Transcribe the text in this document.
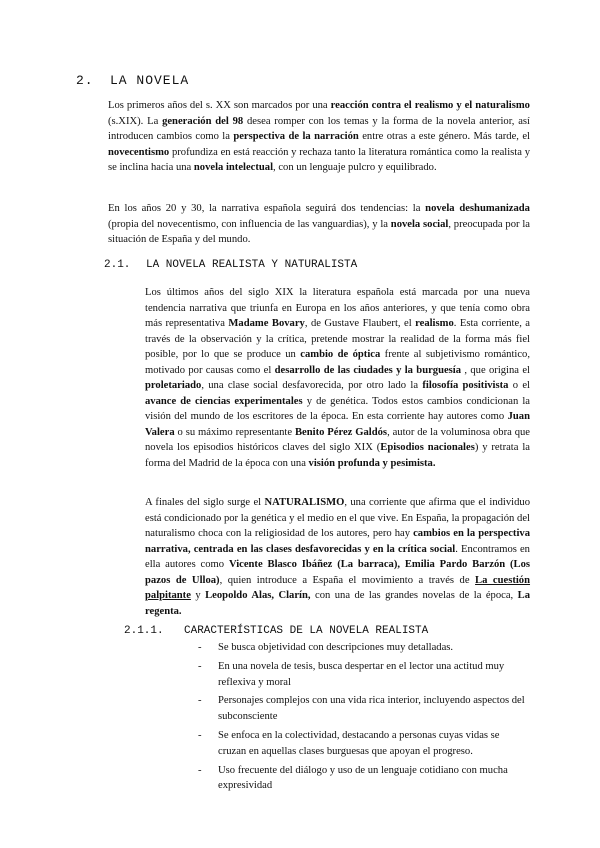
2. LA NOVELA

Los primeros años del s. XX son marcados por una reacción contra el realismo y el naturalismo (s.XIX). La generación del 98 desea romper con los temas y la forma de la novela anterior, así introducen cambios como la perspectiva de la narración entre otras a este género. Más tarde, el novecentismo profundiza en está reacción y rechaza tanto la literatura romántica como la realista y se inclina hacia una novela intelectual, con un lenguaje pulcro y equilibrado.

En los años 20 y 30, la narrativa española seguirá dos tendencias: la novela deshumanizada (propia del novecentismo, con influencia de las vanguardias), y la novela social, preocupada por la situación de España y del mundo.

2.1. LA NOVELA REALISTA Y NATURALISTA

Los últimos años del siglo XIX la literatura española está marcada por una nueva tendencia narrativa que triunfa en Europa en los años anteriores, y que tenía como obra más representativa Madame Bovary, de Gustave Flaubert, el realismo. Esta corriente, a través de la observación y la crítica, pretende mostrar la realidad de la forma más fiel posible, por lo que se produce un cambio de óptica frente al subjetivismo romántico, motivado por causas como el desarrollo de las ciudades y la burguesía , que origina el proletariado, una clase social desfavorecida, por otro lado la filosofía positivista o el avance de ciencias experimentales y de genética. Todos estos cambios condicionan la visión del mundo de los escritores de la época. En esta corriente hay autores como Juan Valera o su máximo representante Benito Pérez Galdós, autor de la voluminosa obra que novela los episodios históricos claves del siglo XIX (Episodios nacionales) y retrata la forma del Madrid de la época con una visión profunda y pesimista.

A finales del siglo surge el NATURALISMO, una corriente que afirma que el individuo está condicionado por la genética y el medio en el que vive. En España, la propagación del naturalismo choca con la religiosidad de los autores, pero hay cambios en la perspectiva narrativa, centrada en las clases desfavorecidas y en la crítica social. Encontramos en ella autores como Vicente Blasco Ibáñez (La barraca), Emilia Pardo Barzón (Los pazos de Ulloa), quien introduce a España el movimiento a través de La cuestión palpitante y Leopoldo Alas, Clarín, con una de las grandes novelas de la época, La regenta.

2.1.1. CARACTERÍSTICAS DE LA NOVELA REALISTA
- Se busca objetividad con descripciones muy detalladas.
- En una novela de tesis, busca despertar en el lector una actitud muy reflexiva y moral
- Personajes complejos con una vida rica interior, incluyendo aspectos del subconsciente
- Se enfoca en la colectividad, destacando a personas cuyas vidas se cruzan en aquellas clases burguesas que apoyan el progreso.
- Uso frecuente del diálogo y uso de un lenguaje cotidiano con mucha expresividad
